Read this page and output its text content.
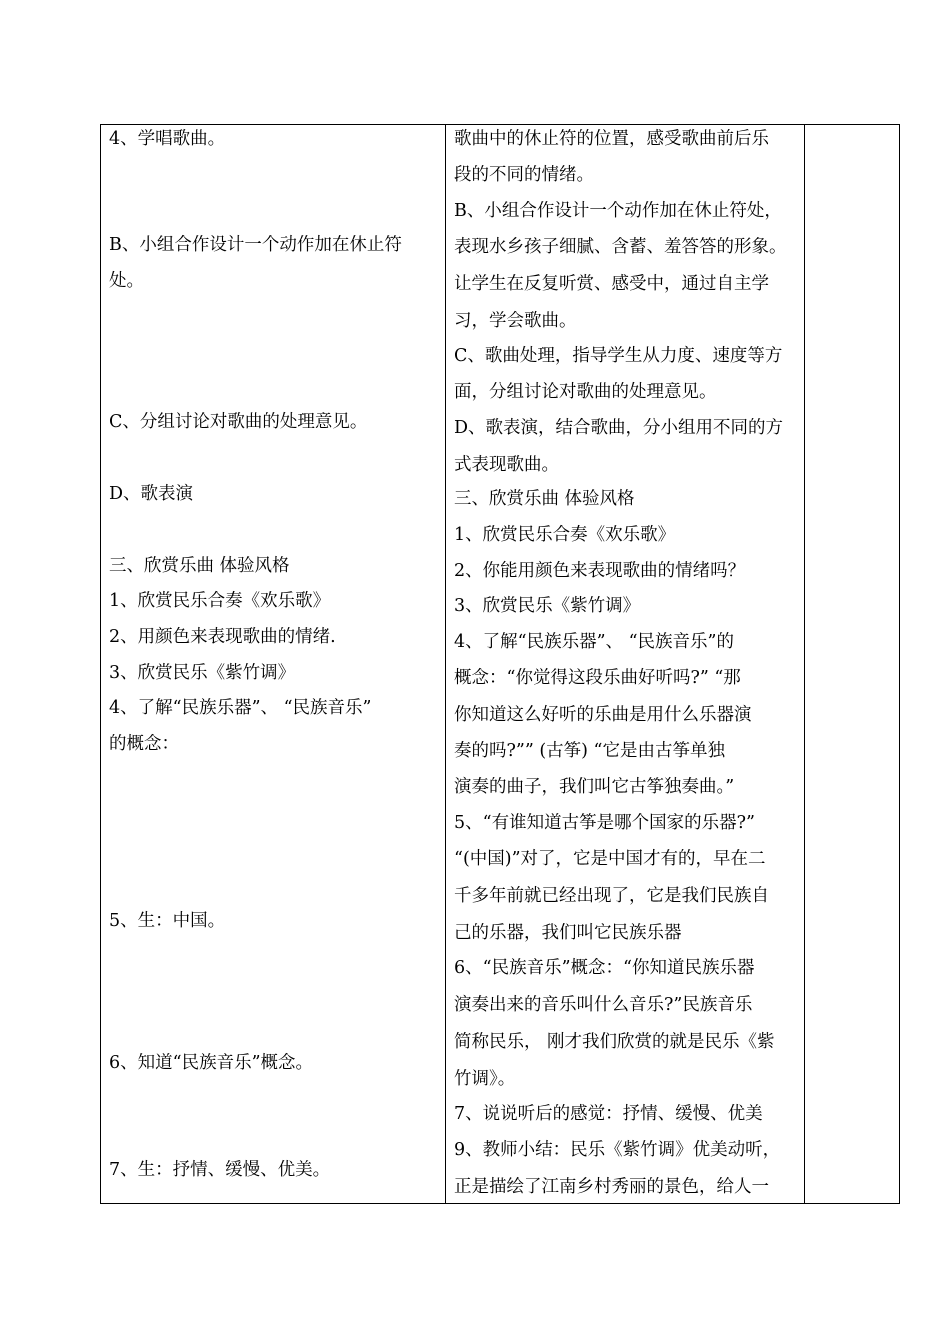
4、学唱歌曲。
B、小组合作设计一个动作加在休止符
处。
C、分组讨论对歌曲的处理意见。
D、歌表演
三、欣赏乐曲 体验风格
1、欣赏民乐合奏《欢乐歌》
2、用颜色来表现歌曲的情绪.
3、欣赏民乐《紫竹调》
4、了解“民族乐器”、 “民族音乐”
的概念：
5、生：中国。
6、知道“民族音乐”概念。
7、生：抒情、缓慢、优美。
歌曲中的休止符的位置，感受歌曲前后乐
段的不同的情绪。
B、小组合作设计一个动作加在休止符处，
表现水乡孩子细腻、含蓄、羞答答的形象。
让学生在反复听赏、感受中，通过自主学
习，学会歌曲。
C、歌曲处理，指导学生从力度、速度等方
面，分组讨论对歌曲的处理意见。
D、歌表演，结合歌曲，分小组用不同的方
式表现歌曲。
三、欣赏乐曲 体验风格
1、欣赏民乐合奏《欢乐歌》
2、你能用颜色来表现歌曲的情绪吗？
3、欣赏民乐《紫竹调》
4、了解“民族乐器”、 “民族音乐”的
概念：“你觉得这段乐曲好听吗?” “那
你知道这么好听的乐曲是用什么乐器演
奏的吗?”” (古筝) “它是由古筝单独
演奏的曲子，我们叫它古筝独奏曲。”
5、“有谁知道古筝是哪个国家的乐器?”
“(中国)”对了，它是中国才有的，早在二
千多年前就已经出现了，它是我们民族自
己的乐器，我们叫它民族乐器
6、“民族音乐”概念：“你知道民族乐器
演奏出来的音乐叫什么音乐?”民族音乐
简称民乐， 刚才我们欣赏的就是民乐《紫
竹调》。
7、说说听后的感觉：抒情、缓慢、优美
9、教师小结：民乐《紫竹调》优美动听，
正是描绘了江南乡村秀丽的景色，给人一
